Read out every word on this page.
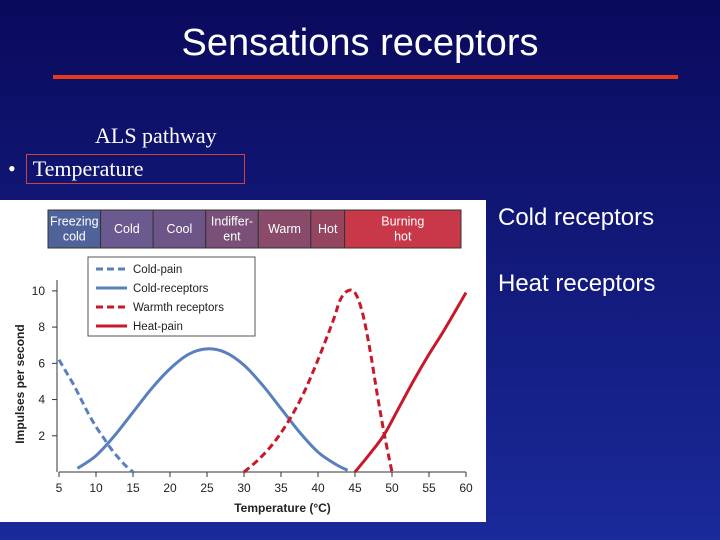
Sensations receptors
ALS pathway
• Temperature
Cold receptors
Heat receptors
Freezing cold
Cold Cool
Indiffer-ent
Warm Hot
Burning hot
5 10 15 20 25 30 35 40 45 50 55 60
2
4
6
8
10
Temperature (°C)
Impulses per second
Cold-pain
Cold-receptors
Warmth receptors
Heat-pain
